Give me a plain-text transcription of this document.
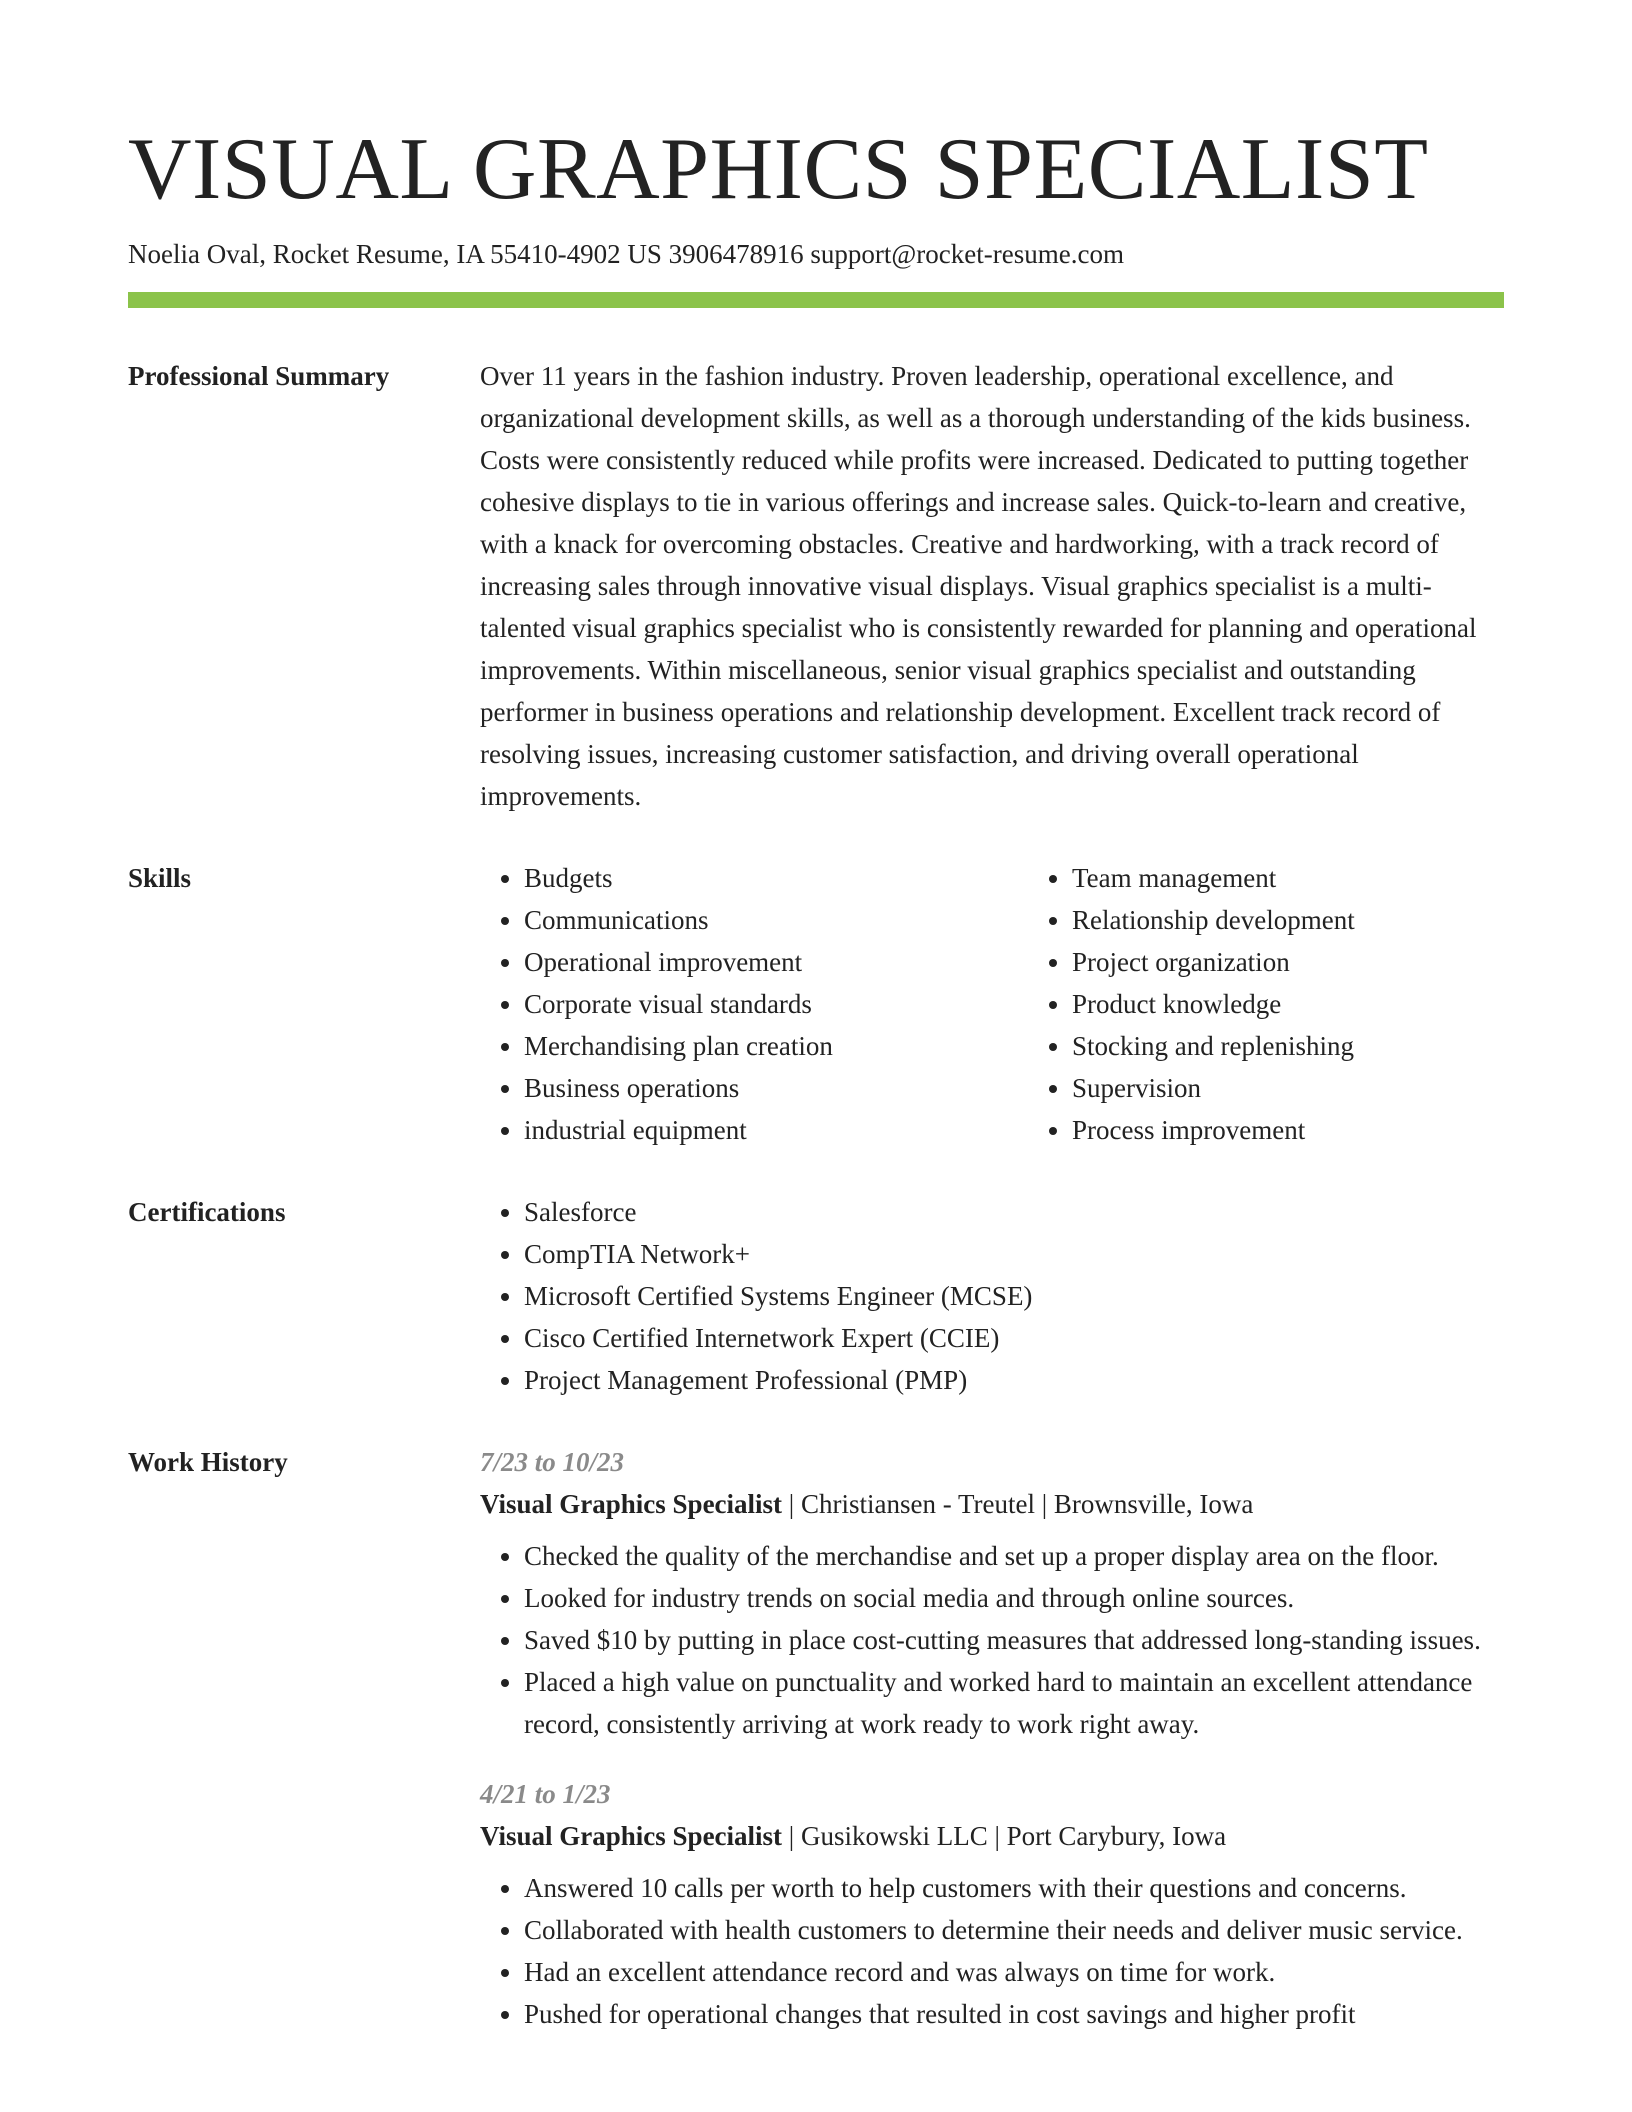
VISUAL GRAPHICS SPECIALIST
Noelia Oval, Rocket Resume, IA 55410-4902 US 3906478916 support@rocket-resume.com
Professional Summary	Over 11 years in the fashion industry. Proven leadership, operational excellence, and organizational development skills, as well as a thorough understanding of the kids business. Costs were consistently reduced while profits were increased. Dedicated to putting together cohesive displays to tie in various offerings and increase sales. Quick-to-learn and creative, with a knack for overcoming obstacles. Creative and hardworking, with a track record of increasing sales through innovative visual displays. Visual graphics specialist is a multi-talented visual graphics specialist who is consistently rewarded for planning and operational improvements. Within miscellaneous, senior visual graphics specialist and outstanding performer in business operations and relationship development. Excellent track record of resolving issues, increasing customer satisfaction, and driving overall operational improvements.

Skills	• Budgets
• Communications
• Operational improvement
• Corporate visual standards
• Merchandising plan creation
• Business operations
• industrial equipment
• Team management
• Relationship development
• Project organization
• Product knowledge
• Stocking and replenishing
• Supervision
• Process improvement
Certifications	• Salesforce
• CompTIA Network+
• Microsoft Certified Systems Engineer (MCSE)
• Cisco Certified Internetwork Expert (CCIE)
• Project Management Professional (PMP)
Work History	7/23 to 10/23
Visual Graphics Specialist | Christiansen - Treutel | Brownsville, Iowa
• Checked the quality of the merchandise and set up a proper display area on the floor.
• Looked for industry trends on social media and through online sources.
• Saved $10 by putting in place cost-cutting measures that addressed long-standing issues.
• Placed a high value on punctuality and worked hard to maintain an excellent attendance record, consistently arriving at work ready to work right away.
4/21 to 1/23
Visual Graphics Specialist | Gusikowski LLC | Port Carybury, Iowa
• Answered 10 calls per worth to help customers with their questions and concerns.
• Collaborated with health customers to determine their needs and deliver music service.
• Had an excellent attendance record and was always on time for work.
• Pushed for operational changes that resulted in cost savings and higher profit
